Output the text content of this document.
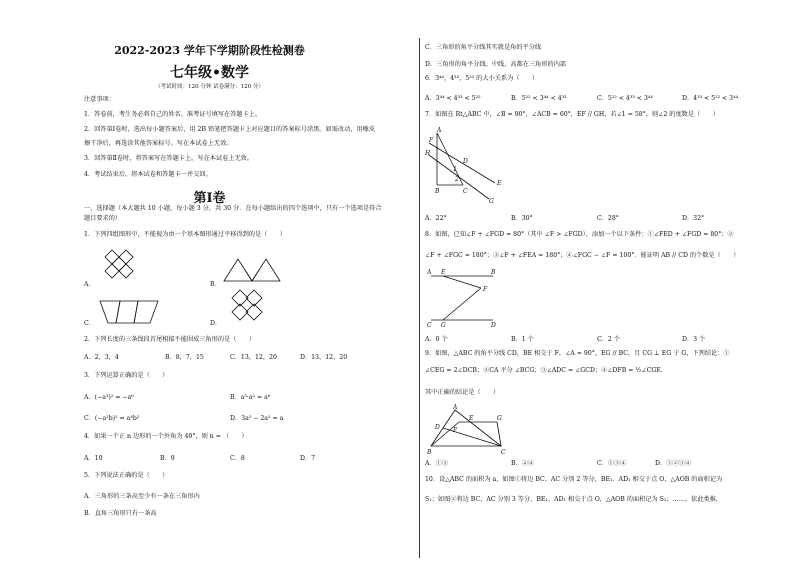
2022-2023 学年下学期阶段性检测卷
七年级•数学
（考试时间：120 分钟 试卷满分：120 分）
注意事项：
1．答卷前，考生务必将自己的姓名、准考证号填写在答题卡上。
2．回答第Ⅰ卷时，选出每小题答案后，用 2B 铅笔把答题卡上对应题目的答案标号涂黑。如需改动，用橡皮
擦干净后，再选涂其他答案标号。写在本试卷上无效。
3．回答第Ⅱ卷时，将答案写在答题卡上。写在本试卷上无效。
4．考试结束后，将本试卷和答题卡一并交回。
第Ⅰ卷
一、选择题（本大题共 10 小题，每小题 3 分，共 30 分．在每小题给出的四个选项中，只有一个选项是符合
题目要求的）
1．下列四组图形中，不能视为由一个基本图形通过平移得到的是（　　）
A．	B．
C．	D．
2．下列长度的三条线段首尾相接不能围成三角形的是（　　）
A．2，3，4	B．8，7，15	C．13，12，20	D．13，12，20
3．下列运算正确的是（　　）
A．(−a³)² = −a⁶	B．a³·a² = a⁶
C．(−a²b)² = a⁴b²	D．3a² − 2a² = a
4．如果一个正 n 边形的一个外角为 40°，则 n = （　　）
A．10	B．9	C．8	D．7
5．下列说法正确的是（　　）
A．三角形的三条高至少有一条在三角形内
B．直角三角形只有一条高
C．三角形的角平分线其实就是角的平分线
D．三角形的角平分线、中线、高都在三角形的内部
6．3⁴⁴，4³³，5²² 的大小关系为（　　）
A．3⁴⁴ < 4³³ < 5²²	B．5²² < 3⁴⁴ < 4³³	C．5²² < 4³³ < 3⁴⁴	D．4³³ < 5²² < 3⁴⁴
7．如图在 Rt△ABC 中，∠B = 90°，∠ACB = 60°，EF // GH，若∠1 = 58°，则∠2 的度数是（　　）
F
H
A
D
E
G
B	C
1
2
A．22°	B．30°	C．28°	D．32°
8．如图，已知∠F + ∠FGD = 80°（其中 ∠F > ∠FGD），添加一个以下条件：①∠FED + ∠FGD = 80°；②
∠F + ∠FGC = 180°；③∠F + ∠FEA = 180°；④∠FGC − ∠F = 100°．能证明 AB // CD 的个数是（　　）
A E	B
F
C G	D
A．0 个	B．1 个	C．2 个	D．3 个
9．如图，△ABC 的角平分线 CD，BE 相交于 F，∠A = 90°，EG // BC，且 CG ⊥ EG 于 G，下列结论：①
∠CEG = 2∠DCB；②CA 平分 ∠BCG；③∠ADC = ∠GCD；④∠DFB = ½∠CGE．
其中正确的结论是（　　）
A
E	G
D F
B	C
A．①③	B．②④	C．①③④	D．①②③④
10．设△ABC 的面积为 a，如图①将边 BC、AC 分别 2 等分，BE₁、AD₁ 相交于点 O，△AOB 的面积记为
S₁；如图②将边 BC、AC 分别 3 等分，BE₁、AD₁ 相交于点 O，△AOB 的面积记为 S₂；……，依此类推，
